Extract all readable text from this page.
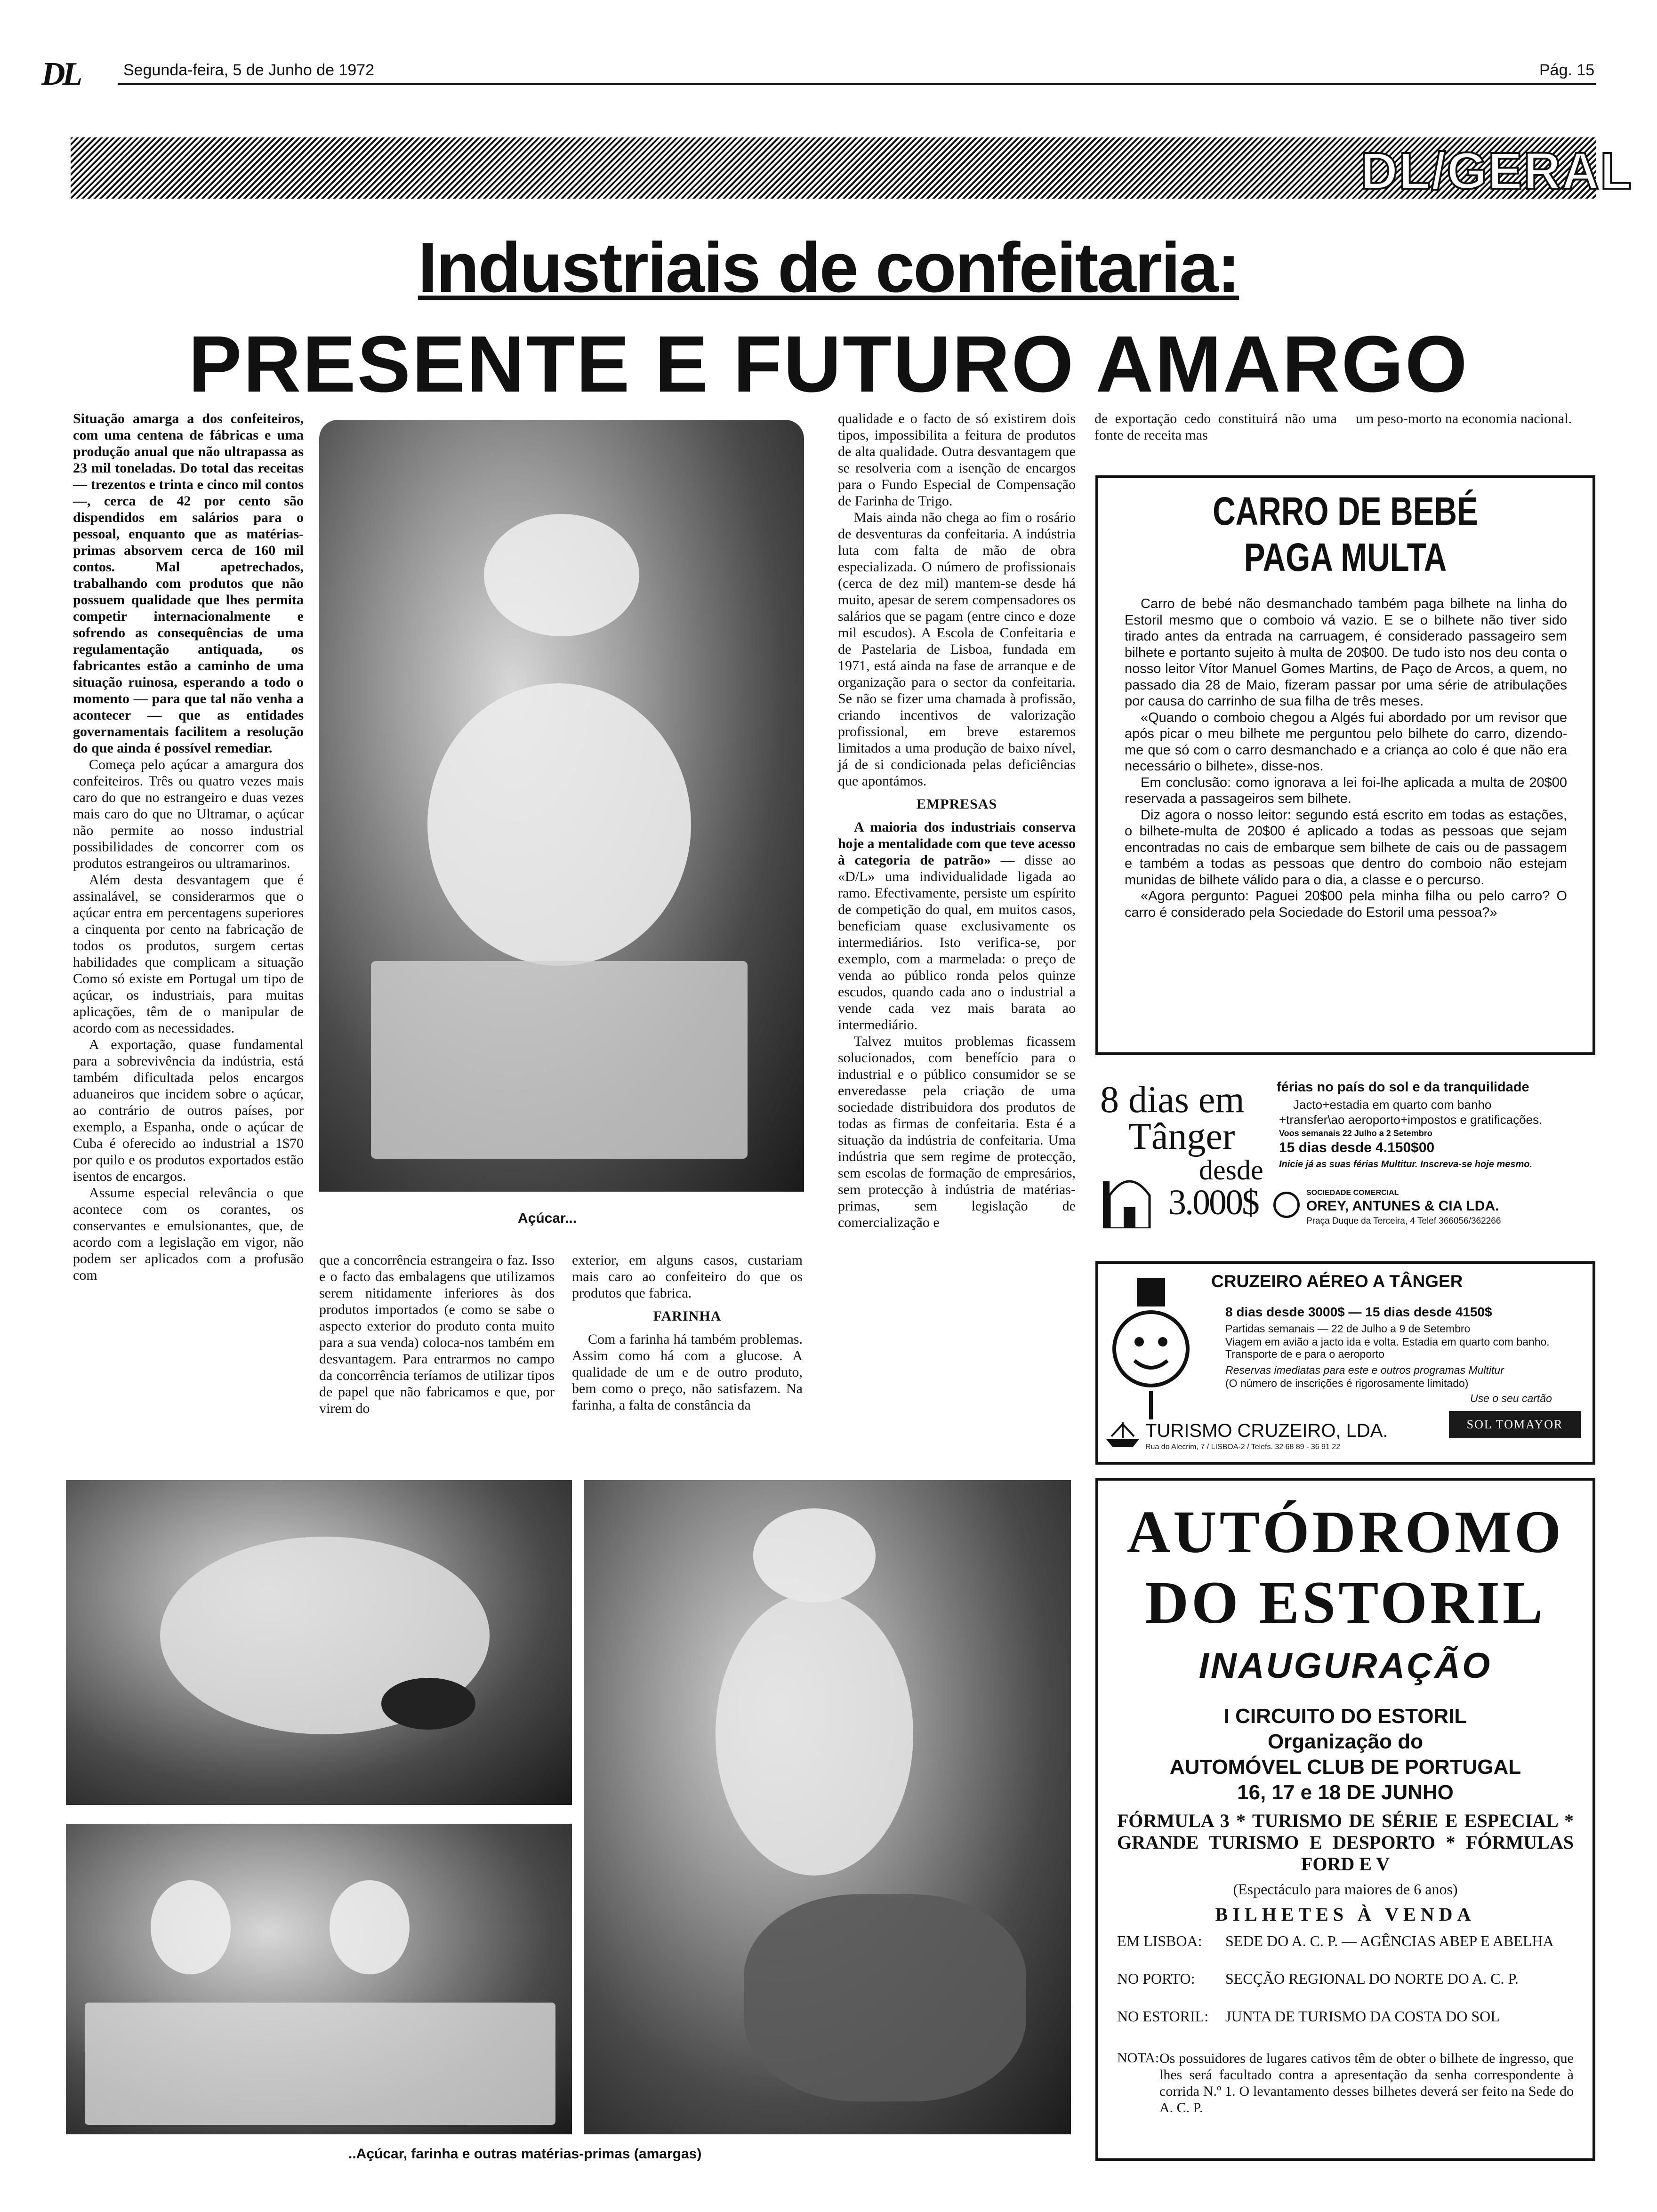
DL	Segunda-feira, 5 de Junho de 1972	Pág. 15
DL/GERAL
Industriais de confeitaria:
PRESENTE E FUTURO AMARGO

Situação amarga a dos confeiteiros, com uma centena de fábricas e uma produção anual que não ultrapassa as 23 mil toneladas. Do total das receitas — trezentos e trinta e cinco mil contos —, cerca de 42 por cento são dispendidos em salários para o pessoal, enquanto que as matérias-primas absorvem cerca de 160 mil contos. Mal apetrechados, trabalhando com produtos que não possuem qualidade que lhes permita competir internacionalmente e sofrendo as consequências de uma regulamentação antiquada, os fabricantes estão a caminho de uma situação ruinosa, esperando a todo o momento — para que tal não venha a acontecer — que as entidades governamentais facilitem a resolução do que ainda é possível remediar.

Começa pelo açúcar a amargura dos confeiteiros. Três ou quatro vezes mais caro do que no estrangeiro e duas vezes mais caro do que no Ultramar, o açúcar não permite ao nosso industrial possibilidades de concorrer com os produtos estrangeiros ou ultramarinos.

Além desta desvantagem que é assinalável, se considerarmos que o açúcar entra em percentagens superiores a cinquenta por cento na fabricação de todos os produtos, surgem certas habilidades que complicam a situação Como só existe em Portugal um tipo de açúcar, os industriais, para muitas aplicações, têm de o manipular de acordo com as necessidades.

A exportação, quase fundamental para a sobrevivência da indústria, está também dificultada pelos encargos aduaneiros que incidem sobre o açúcar, ao contrário de outros países, por exemplo, a Espanha, onde o açúcar de Cuba é oferecido ao industrial a 1$70 por quilo e os produtos exportados estão isentos de encargos.

Assume especial relevância o que acontece com os corantes, os conservantes e emulsionantes, que, de acordo com a legislação em vigor, não podem ser aplicados com a profusão com

Açúcar...

que a concorrência estrangeira o faz. Isso e o facto das embalagens que utilizamos serem nitidamente inferiores às dos produtos importados (e como se sabe o aspecto exterior do produto conta muito para a sua venda) coloca-nos também em desvantagem. Para entrarmos no campo da concorrência teríamos de utilizar tipos de papel que não fabricamos e que, por virem do

exterior, em alguns casos, custariam mais caro ao confeiteiro do que os produtos que fabrica.

FARINHA

Com a farinha há também problemas. Assim como há com a glucose. A qualidade de um e de outro produto, bem como o preço, não satisfazem. Na farinha, a falta de constância da

qualidade e o facto de só existirem dois tipos, impossibilita a feitura de produtos de alta qualidade. Outra desvantagem que se resolveria com a isenção de encargos para o Fundo Especial de Compensação de Farinha de Trigo.

Mais ainda não chega ao fim o rosário de desventuras da confeitaria. A indústria luta com falta de mão de obra especializada. O número de profissionais (cerca de dez mil) mantem-se desde há muito, apesar de serem compensadores os salários que se pagam (entre cinco e doze mil escudos). A Escola de Confeitaria e de Pastelaria de Lisboa, fundada em 1971, está ainda na fase de arranque e de organização para o sector da confeitaria. Se não se fizer uma chamada à profissão, criando incentivos de valorização profissional, em breve estaremos limitados a uma produção de baixo nível, já de si condicionada pelas deficiências que apontámos.

EMPRESAS

A maioria dos industriais conserva hoje a mentalidade com que teve acesso à categoria de patrão» — disse ao «D/L» uma individualidade ligada ao ramo. Efectivamente, persiste um espírito de competição do qual, em muitos casos, beneficiam quase exclusivamente os intermediários. Isto verifica-se, por exemplo, com a marmelada: o preço de venda ao público ronda pelos quinze escudos, quando cada ano o industrial a vende cada vez mais barata ao intermediário.

Talvez muitos problemas ficassem solucionados, com benefício para o industrial e o público consumidor se se enveredasse pela criação de uma sociedade distribuidora dos produtos de todas as firmas de confeitaria. Esta é a situação da indústria de confeitaria. Uma indústria que sem regime de protecção, sem escolas de formação de empresários, sem protecção à indústria de matérias-primas, sem legislação de comercialização e

de exportação cedo constituirá não uma fonte de receita mas

um peso-morto na economia nacional.

..Açúcar, farinha e outras matérias-primas (amargas)
CARRO DE BEBÉ
PAGA MULTA

Carro de bebé não desmanchado também paga bilhete na linha do Estoril mesmo que o comboio vá vazio. E se o bilhete não tiver sido tirado antes da entrada na carruagem, é considerado passageiro sem bilhete e portanto sujeito à multa de 20$00. De tudo isto nos deu conta o nosso leitor Vítor Manuel Gomes Martins, de Paço de Arcos, a quem, no passado dia 28 de Maio, fizeram passar por uma série de atribulações por causa do carrinho de sua filha de três meses.

«Quando o comboio chegou a Algés fui abordado por um revisor que após picar o meu bilhete me perguntou pelo bilhete do carro, dizendo-me que só com o carro desmanchado e a criança ao colo é que não era necessário o bilhete», disse-nos.

Em conclusão: como ignorava a lei foi-lhe aplicada a multa de 20$00 reservada a passageiros sem bilhete.

Diz agora o nosso leitor: segundo está escrito em todas as estações, o bilhete-multa de 20$00 é aplicado a todas as pessoas que sejam encontradas no cais de embarque sem bilhete de cais ou de passagem e também a todas as pessoas que dentro do comboio não estejam munidas de bilhete válido para o dia, a classe e o percurso.

«Agora pergunto: Paguei 20$00 pela minha filha ou pelo carro? O carro é considerado pela Sociedade do Estoril uma pessoa?»

8 dias em
Tânger
desde
3.000$
férias no país do sol e da tranquilidade
Jacto+estadia em quarto com banho
+transfer\ao aeroporto+impostos e gratificações.
Voos semanais 22 Julho a 2 Setembro
15 dias desde 4.150$00
Inicie já as suas férias Multitur. Inscreva-se hoje mesmo.
SOCIEDADE COMERCIAL
OREY, ANTUNES & CIA LDA.
Praça Duque da Terceira, 4 Telef 366056/362266
CRUZEIRO AÉREO A TÂNGER
8 dias desde 3000$ — 15 dias desde 4150$
Partidas semanais — 22 de Julho a 9 de Setembro
Viagem em avião a jacto ida e volta. Estadia em quarto com banho. Transporte de e para o aeroporto
Reservas imediatas para este e outros programas Multitur
(O número de inscrições é rigorosamente limitado)
Use o seu cartão
TURISMO CRUZEIRO, LDA.
Rua do Alecrim, 7 / LISBOA-2 / Telefs. 32 68 89 - 36 91 22
SOL TOMAYOR
AUTÓDROMO
DO ESTORIL
INAUGURAÇÃO
I CIRCUITO DO ESTORIL
Organização do
AUTOMÓVEL CLUB DE PORTUGAL
16, 17 e 18 DE JUNHO
FÓRMULA 3 * TURISMO DE SÉRIE E ESPECIAL * GRANDE TURISMO E DESPORTO * FÓRMULAS FORD E V
(Espectáculo para maiores de 6 anos)
BILHETES À VENDA
EM LISBOA: SEDE DO A. C. P. — AGÊNCIAS ABEP E ABELHA
NO PORTO: SECÇÃO REGIONAL DO NORTE DO A. C. P.
NO ESTORIL: JUNTA DE TURISMO DA COSTA DO SOL
NOTA: Os possuidores de lugares cativos têm de obter o bilhete de ingresso, que lhes será facultado contra a apresentação da senha correspondente à corrida N.º 1. O levantamento desses bilhetes deverá ser feito na Sede do A. C. P.
